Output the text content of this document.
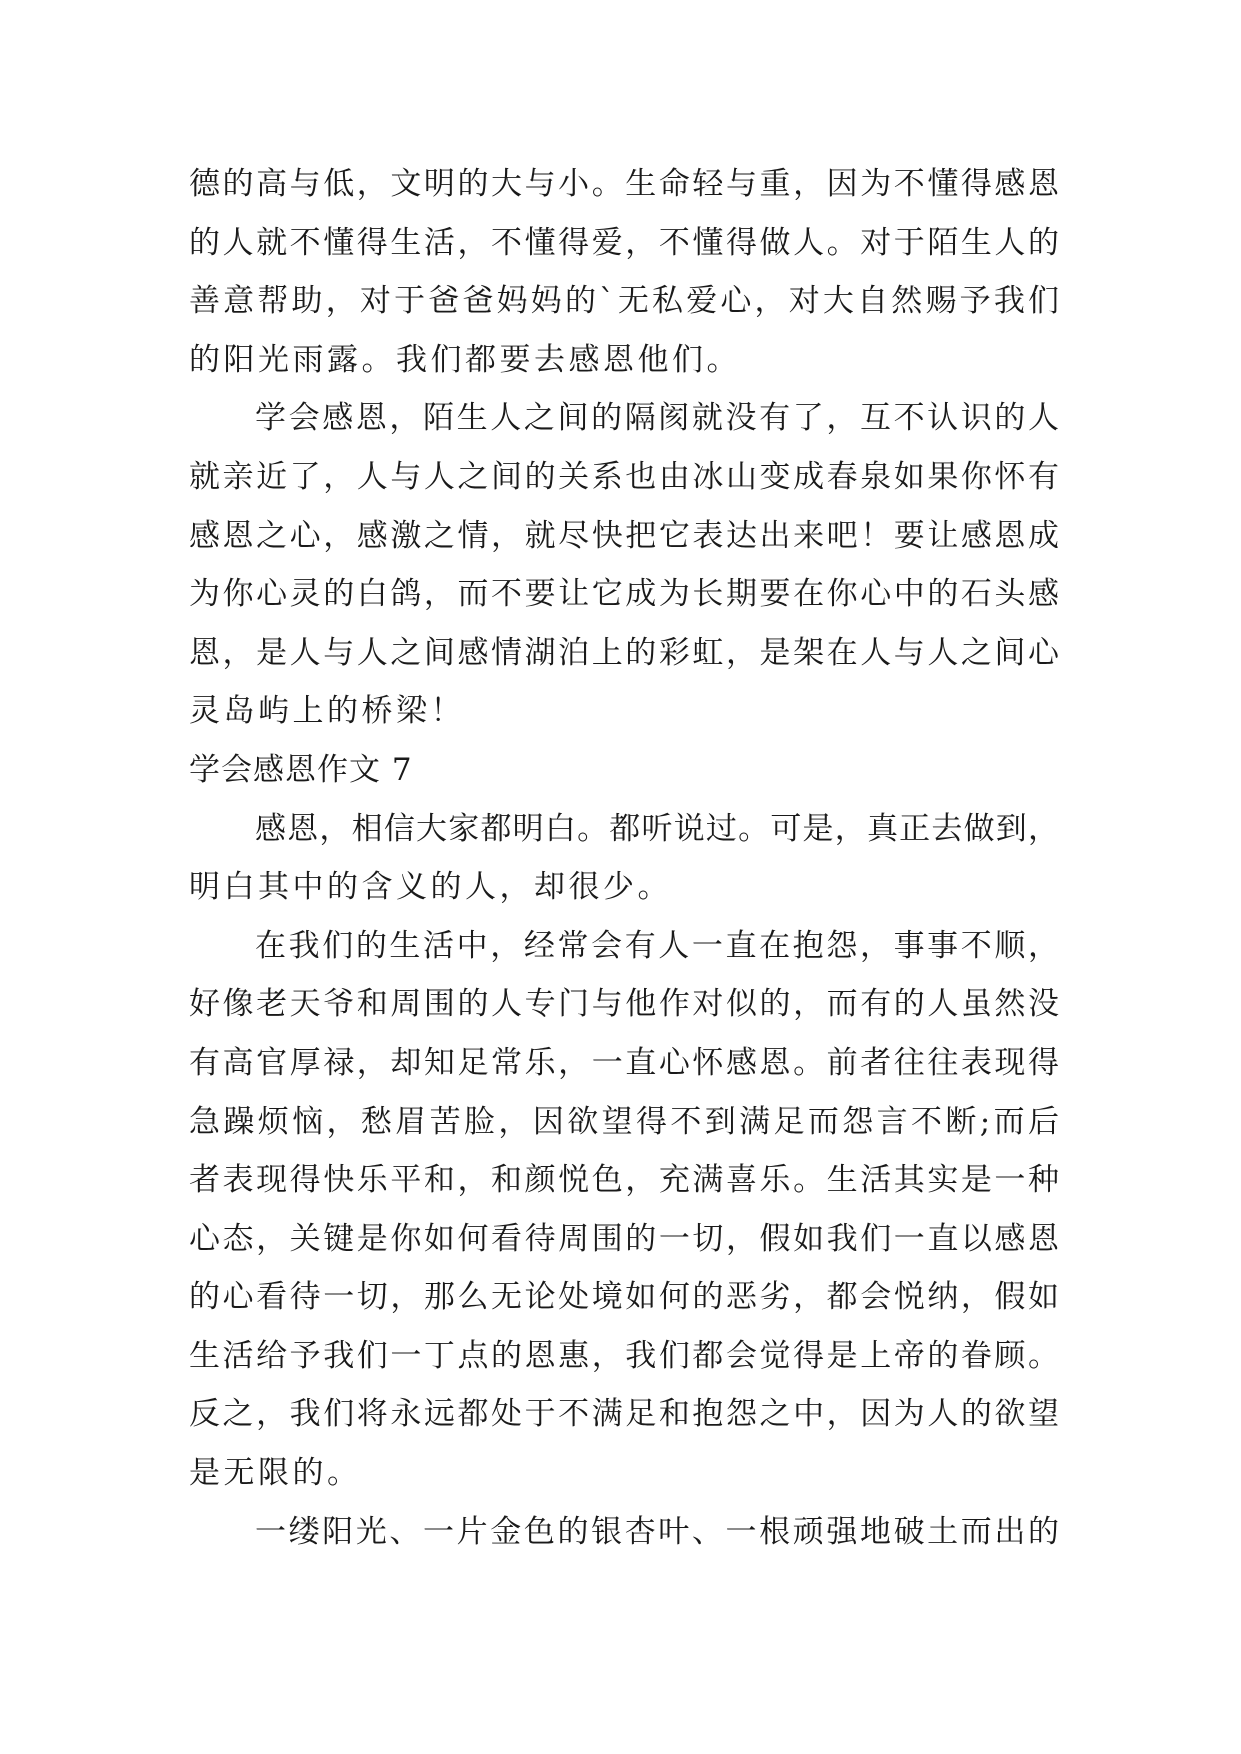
德的高与低，文明的大与小。生命轻与重，因为不懂得感恩
的人就不懂得生活，不懂得爱，不懂得做人。对于陌生人的
善意帮助，对于爸爸妈妈的`无私爱心，对大自然赐予我们
的阳光雨露。我们都要去感恩他们。
学会感恩，陌生人之间的隔阂就没有了，互不认识的人
就亲近了，人与人之间的关系也由冰山变成春泉如果你怀有
感恩之心，感激之情，就尽快把它表达出来吧！要让感恩成
为你心灵的白鸽，而不要让它成为长期要在你心中的石头感
恩，是人与人之间感情湖泊上的彩虹，是架在人与人之间心
灵岛屿上的桥梁！
学会感恩作文 7
感恩，相信大家都明白。都听说过。可是，真正去做到，
明白其中的含义的人，却很少。
在我们的生活中，经常会有人一直在抱怨，事事不顺，
好像老天爷和周围的人专门与他作对似的，而有的人虽然没
有高官厚禄，却知足常乐，一直心怀感恩。前者往往表现得
急躁烦恼，愁眉苦脸，因欲望得不到满足而怨言不断;而后
者表现得快乐平和，和颜悦色，充满喜乐。生活其实是一种
心态，关键是你如何看待周围的一切，假如我们一直以感恩
的心看待一切，那么无论处境如何的恶劣，都会悦纳，假如
生活给予我们一丁点的恩惠，我们都会觉得是上帝的眷顾。
反之，我们将永远都处于不满足和抱怨之中，因为人的欲望
是无限的。
一缕阳光、一片金色的银杏叶、一根顽强地破土而出的
